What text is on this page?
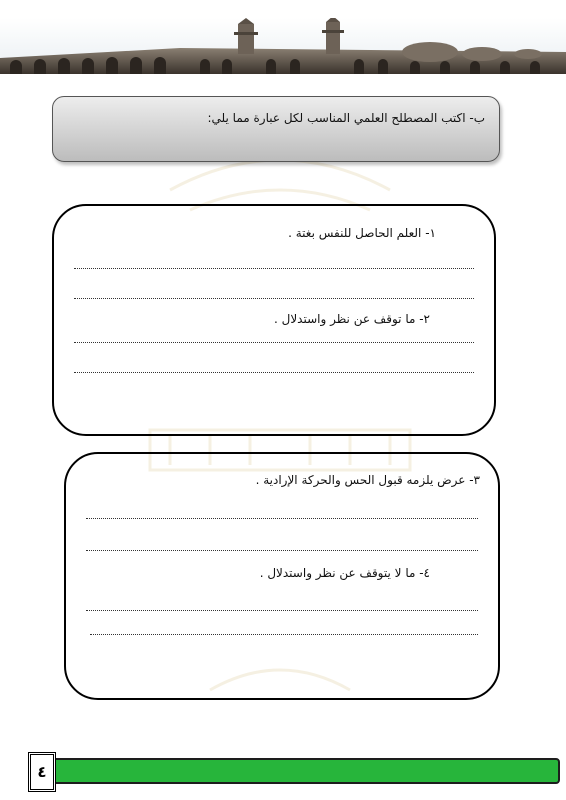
ب- اكتب المصطلح العلمي المناسب لكل عبارة مما يلي:
١- العلم الحاصل للنفس بغتة .
٢- ما توقف عن نظر واستدلال .
٣- عرض يلزمه قبول الحس والحركة الإرادية .
٤- ما لا يتوقف عن نظر واستدلال .
٤
